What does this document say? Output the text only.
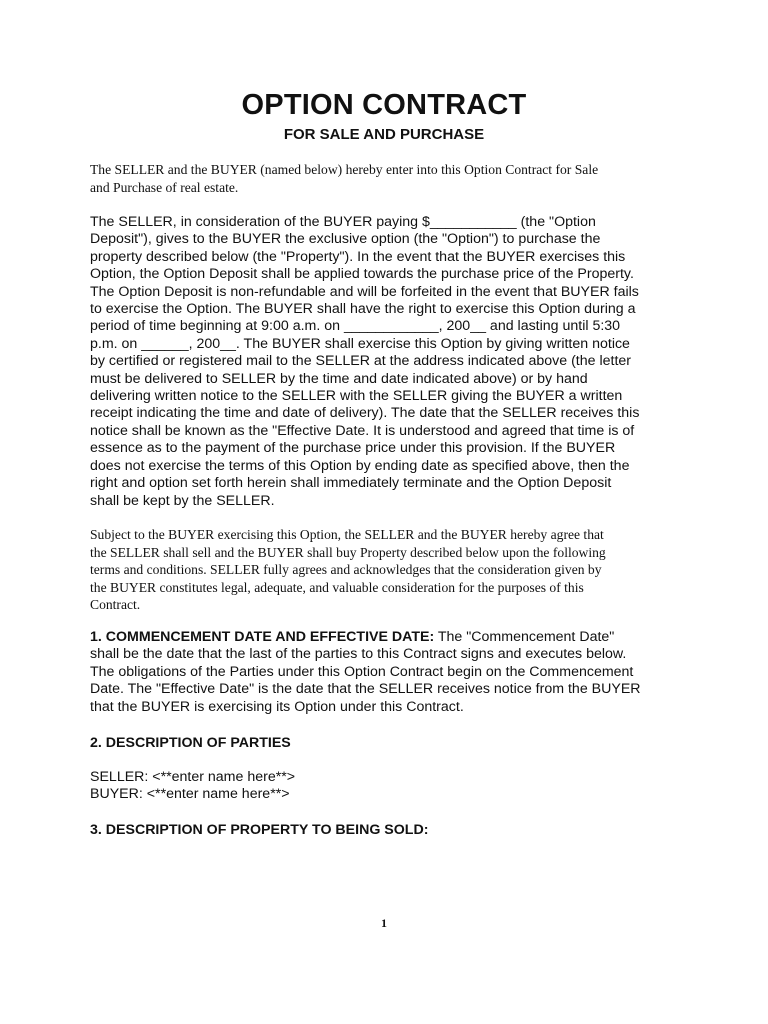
OPTION CONTRACT
FOR SALE AND PURCHASE
The SELLER and the BUYER (named below) hereby enter into this Option Contract for Sale
and Purchase of real estate.
The SELLER, in consideration of the BUYER paying $___________ (the "Option
Deposit"), gives to the BUYER the exclusive option (the "Option") to purchase the
property described below (the "Property"). In the event that the BUYER exercises this
Option, the Option Deposit shall be applied towards the purchase price of the Property.
The Option Deposit is non-refundable and will be forfeited in the event that BUYER fails
to exercise the Option. The BUYER shall have the right to exercise this Option during a
period of time beginning at 9:00 a.m. on ____________, 200__ and lasting until 5:30
p.m. on ______, 200__. The BUYER shall exercise this Option by giving written notice
by certified or registered mail to the SELLER at the address indicated above (the letter
must be delivered to SELLER by the time and date indicated above) or by hand
delivering written notice to the SELLER with the SELLER giving the BUYER a written
receipt indicating the time and date of delivery). The date that the SELLER receives this
notice shall be known as the "Effective Date. It is understood and agreed that time is of
essence as to the payment of the purchase price under this provision. If the BUYER
does not exercise the terms of this Option by ending date as specified above, then the
right and option set forth herein shall immediately terminate and the Option Deposit
shall be kept by the SELLER.
Subject to the BUYER exercising this Option, the SELLER and the BUYER hereby agree that
the SELLER shall sell and the BUYER shall buy Property described below upon the following
terms and conditions. SELLER fully agrees and acknowledges that the consideration given by
the BUYER constitutes legal, adequate, and valuable consideration for the purposes of this
Contract.
1. COMMENCEMENT DATE AND EFFECTIVE DATE: The "Commencement Date"
shall be the date that the last of the parties to this Contract signs and executes below.
The obligations of the Parties under this Option Contract begin on the Commencement
Date. The "Effective Date" is the date that the SELLER receives notice from the BUYER
that the BUYER is exercising its Option under this Contract.
2. DESCRIPTION OF PARTIES
SELLER: <**enter name here**>
BUYER: <**enter name here**>
3. DESCRIPTION OF PROPERTY TO BEING SOLD:
1
